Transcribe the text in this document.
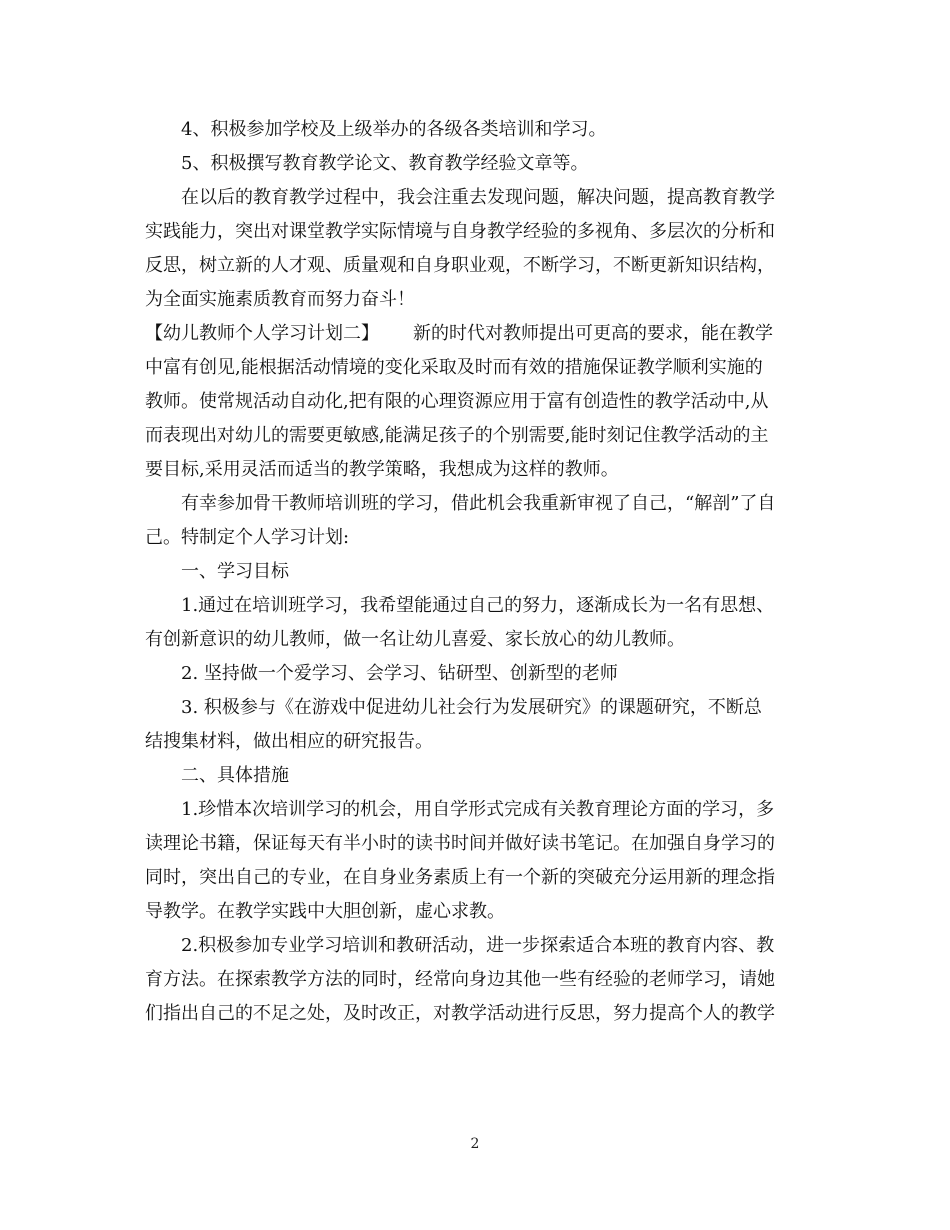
4、积极参加学校及上级举办的各级各类培训和学习。
5、积极撰写教育教学论文、教育教学经验文章等。
在以后的教育教学过程中，我会注重去发现问题，解决问题，提高教育教学
实践能力，突出对课堂教学实际情境与自身教学经验的多视角、多层次的分析和
反思，树立新的人才观、质量观和自身职业观，不断学习，不断更新知识结构，
为全面实施素质教育而努力奋斗！
【幼儿教师个人学习计划二】 新的时代对教师提出可更高的要求，能在教学
中富有创见,能根据活动情境的变化采取及时而有效的措施保证教学顺利实施的
教师。使常规活动自动化,把有限的心理资源应用于富有创造性的教学活动中,从
而表现出对幼儿的需要更敏感,能满足孩子的个别需要,能时刻记住教学活动的主
要目标,采用灵活而适当的教学策略，我想成为这样的教师。
有幸参加骨干教师培训班的学习，借此机会我重新审视了自己，“解剖”了自
己。特制定个人学习计划:
一、学习目标
1.通过在培训班学习，我希望能通过自己的努力，逐渐成长为一名有思想、
有创新意识的幼儿教师，做一名让幼儿喜爱、家长放心的幼儿教师。
2. 坚持做一个爱学习、会学习、钻研型、创新型的老师
3. 积极参与《在游戏中促进幼儿社会行为发展研究》的课题研究，不断总
结搜集材料，做出相应的研究报告。
二、具体措施
1.珍惜本次培训学习的机会，用自学形式完成有关教育理论方面的学习，多
读理论书籍，保证每天有半小时的读书时间并做好读书笔记。在加强自身学习的
同时，突出自己的专业，在自身业务素质上有一个新的突破充分运用新的理念指
导教学。在教学实践中大胆创新，虚心求教。
2.积极参加专业学习培训和教研活动，进一步探索适合本班的教育内容、教
育方法。在探索教学方法的同时，经常向身边其他一些有经验的老师学习，请她
们指出自己的不足之处，及时改正，对教学活动进行反思，努力提高个人的教学
2
